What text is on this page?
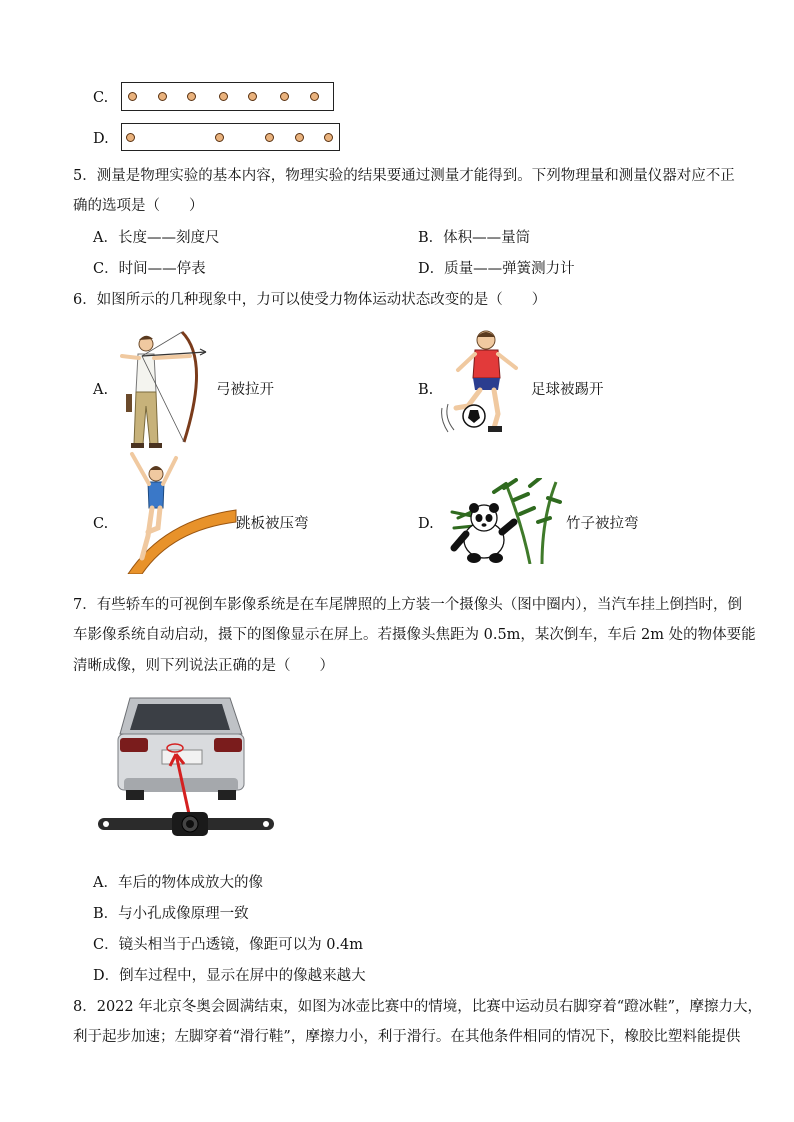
C.
D.
5．测量是物理实验的基本内容，物理实验的结果要通过测量才能得到。下列物理量和测量仪器对应不正
确的选项是（　　）
A．长度——刻度尺	B．体积——量筒
C．时间——停表	D．质量——弹簧测力计
6．如图所示的几种现象中，力可以使受力物体运动状态改变的是（　　）
A.	弓被拉开	B.	足球被踢开
C.	跳板被压弯	D.	竹子被拉弯
7．有些轿车的可视倒车影像系统是在车尾牌照的上方装一个摄像头（图中圈内），当汽车挂上倒挡时，倒
车影像系统自动启动，摄下的图像显示在屏上。若摄像头焦距为 0.5m，某次倒车，车后 2m 处的物体要能
清晰成像，则下列说法正确的是（　　）
A．车后的物体成放大的像
B．与小孔成像原理一致
C．镜头相当于凸透镜，像距可以为 0.4m
D．倒车过程中，显示在屏中的像越来越大
8．2022 年北京冬奥会圆满结束，如图为冰壶比赛中的情境，比赛中运动员右脚穿着“蹬冰鞋”，摩擦力大，
利于起步加速；左脚穿着“滑行鞋”，摩擦力小，利于滑行。在其他条件相同的情况下，橡胶比塑料能提供
